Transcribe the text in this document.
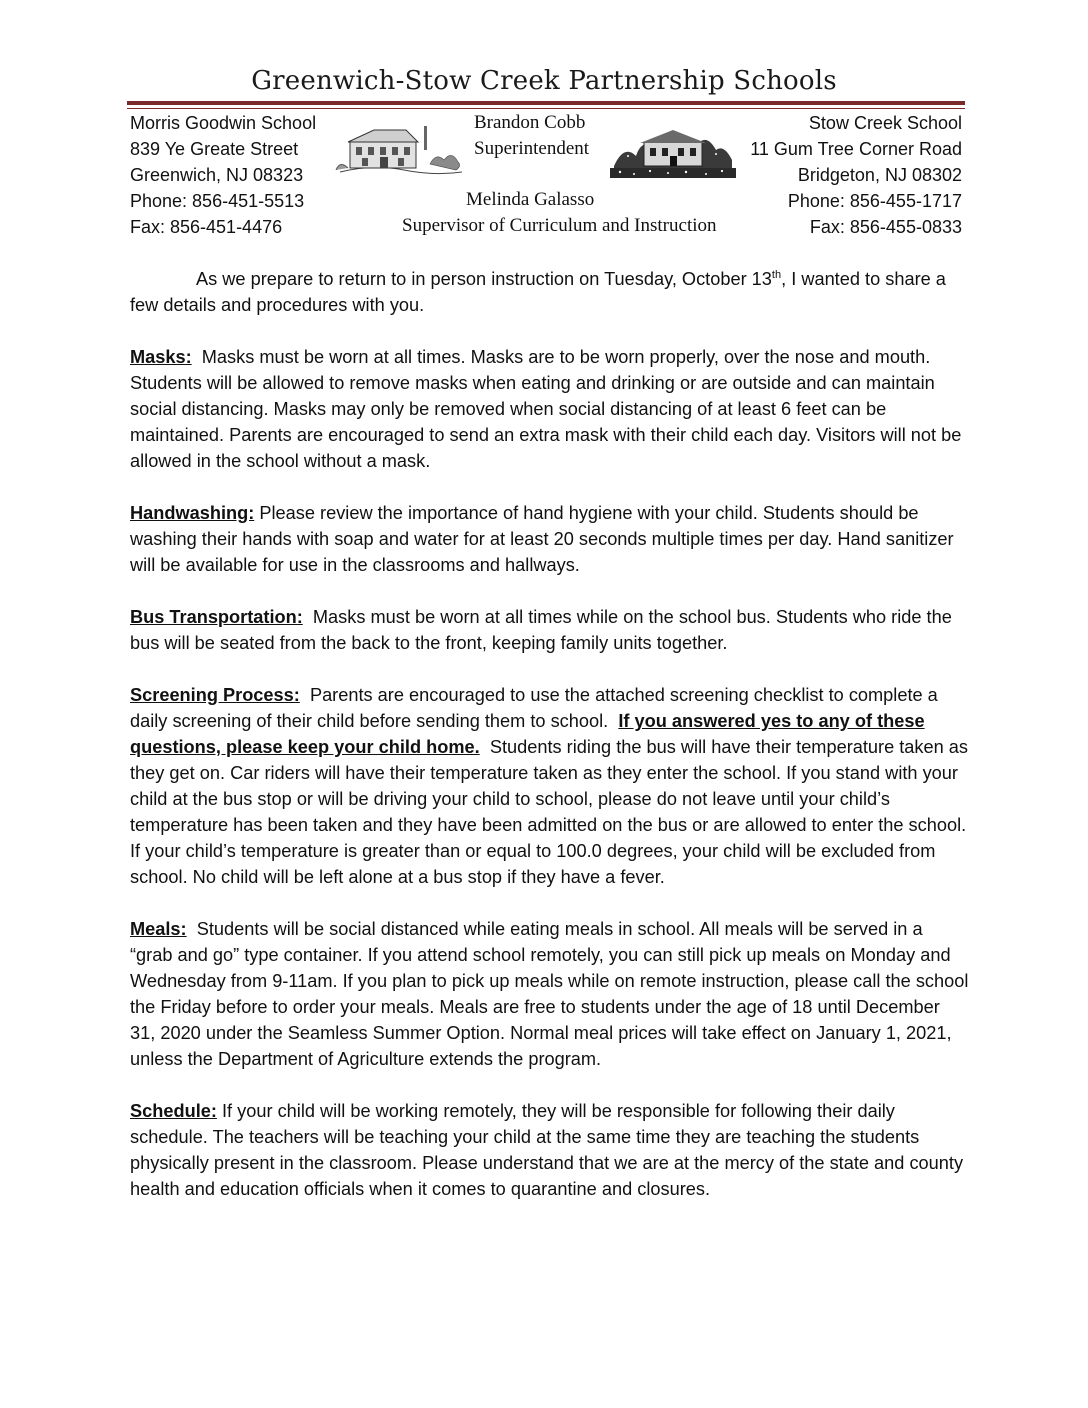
Greenwich-Stow Creek Partnership Schools
Morris Goodwin School
839 Ye Greate Street
Greenwich, NJ 08323
Phone: 856-451-5513
Fax: 856-451-4476
Stow Creek School
11 Gum Tree Corner Road
Bridgeton, NJ 08302
Phone: 856-455-1717
Fax: 856-455-0833
Brandon Cobb
Superintendent
Melinda Galasso
Supervisor of Curriculum and Instruction

As we prepare to return to in person instruction on Tuesday, October 13th, I wanted to share a few details and procedures with you.

Masks: Masks must be worn at all times. Masks are to be worn properly, over the nose and mouth. Students will be allowed to remove masks when eating and drinking or are outside and can maintain social distancing. Masks may only be removed when social distancing of at least 6 feet can be maintained. Parents are encouraged to send an extra mask with their child each day. Visitors will not be allowed in the school without a mask.

Handwashing: Please review the importance of hand hygiene with your child. Students should be washing their hands with soap and water for at least 20 seconds multiple times per day. Hand sanitizer will be available for use in the classrooms and hallways.

Bus Transportation: Masks must be worn at all times while on the school bus. Students who ride the bus will be seated from the back to the front, keeping family units together.

Screening Process: Parents are encouraged to use the attached screening checklist to complete a daily screening of their child before sending them to school. If you answered yes to any of these questions, please keep your child home. Students riding the bus will have their temperature taken as they get on. Car riders will have their temperature taken as they enter the school. If you stand with your child at the bus stop or will be driving your child to school, please do not leave until your child’s temperature has been taken and they have been admitted on the bus or are allowed to enter the school. If your child’s temperature is greater than or equal to 100.0 degrees, your child will be excluded from school. No child will be left alone at a bus stop if they have a fever.

Meals: Students will be social distanced while eating meals in school. All meals will be served in a “grab and go” type container. If you attend school remotely, you can still pick up meals on Monday and Wednesday from 9-11am. If you plan to pick up meals while on remote instruction, please call the school the Friday before to order your meals. Meals are free to students under the age of 18 until December 31, 2020 under the Seamless Summer Option. Normal meal prices will take effect on January 1, 2021, unless the Department of Agriculture extends the program.

Schedule: If your child will be working remotely, they will be responsible for following their daily schedule. The teachers will be teaching your child at the same time they are teaching the students physically present in the classroom. Please understand that we are at the mercy of the state and county health and education officials when it comes to quarantine and closures.
